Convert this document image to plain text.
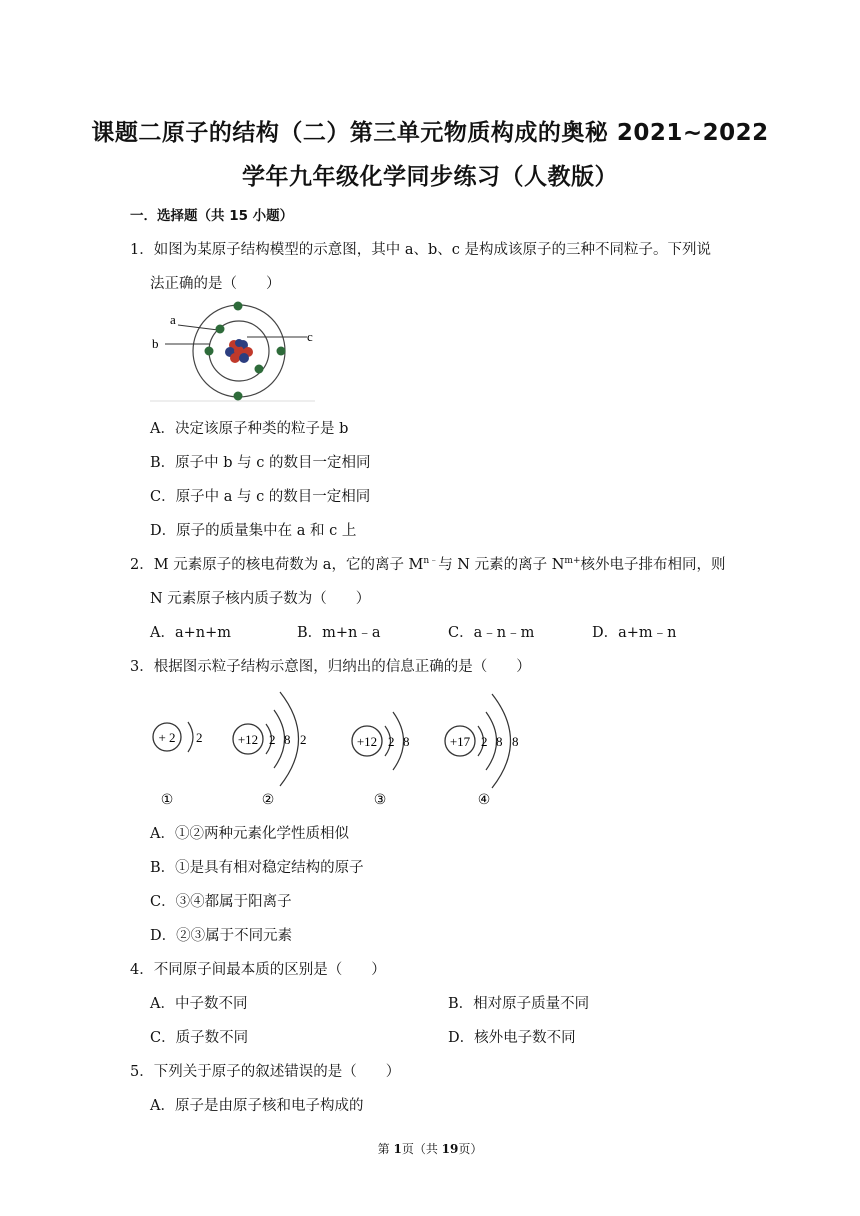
课题二原子的结构（二）第三单元物质构成的奥秘 2021~2022
学年九年级化学同步练习（人教版）
一．选择题（共 15 小题）
1．如图为某原子结构模型的示意图，其中 a、b、c 是构成该原子的三种不同粒子。下列说
法正确的是（　　）
a
b	c
A．决定该原子种类的粒子是 b
B．原子中 b 与 c 的数目一定相同
C．原子中 a 与 c 的数目一定相同
D．原子的质量集中在 a 和 c 上
2．M 元素原子的核电荷数为 a，它的离子 $M^{n﹣}$与 N 元素的离子 $N^{m+}$核外电子排布相同，则
N 元素原子核内质子数为（　　）
A．a+n+m	B．m+n﹣a	C．a﹣n﹣m	D．a+m﹣n
3．根据图示粒子结构示意图，归纳出的信息正确的是（　　）
+ 2 2
①
+12 2 8 2
②
+12 2 8
③
+17 2 8 8
④
A．①②两种元素化学性质相似
B．①是具有相对稳定结构的原子
C．③④都属于阳离子
D．②③属于不同元素
4．不同原子间最本质的区别是（　　）
A．中子数不同	B．相对原子质量不同
C．质子数不同	D．核外电子数不同
5．下列关于原子的叙述错误的是（　　）
A．原子是由原子核和电子构成的
第 1页（共 19页）
